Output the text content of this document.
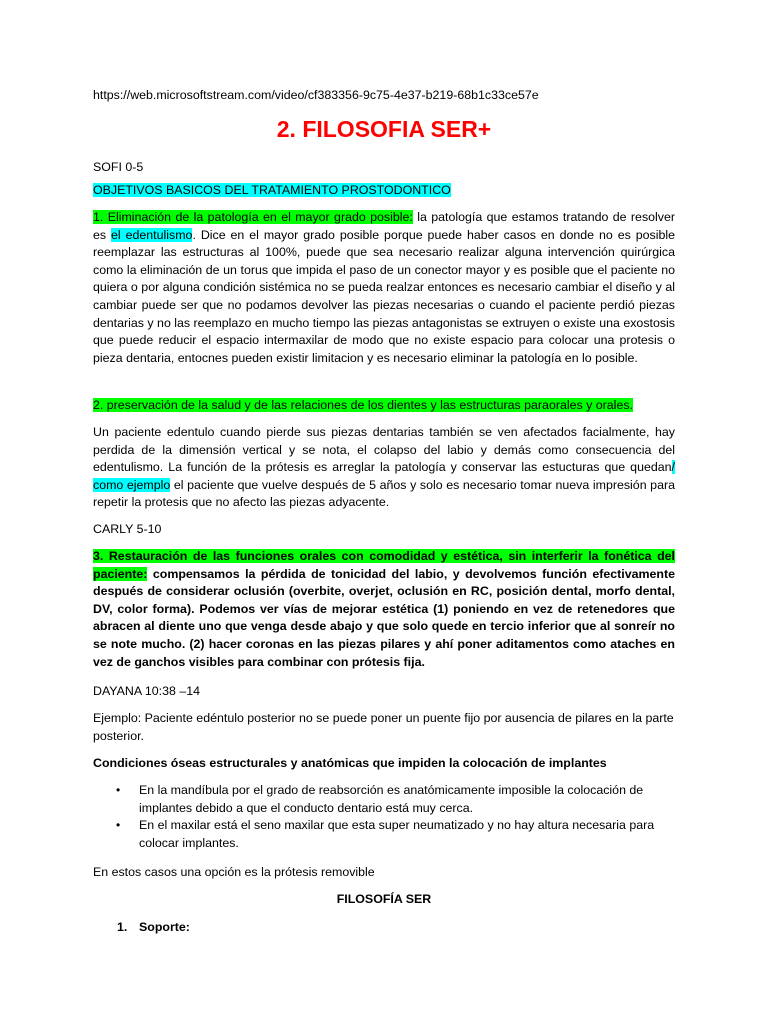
https://web.microsoftstream.com/video/cf383356-9c75-4e37-b219-68b1c33ce57e

2. FILOSOFIA SER+

SOFI 0-5

OBJETIVOS BASICOS DEL TRATAMIENTO PROSTODONTICO

1. Eliminación de la patología en el mayor grado posible: la patología que estamos tratando de resolver es el edentulismo. Dice en el mayor grado posible porque puede haber casos en donde no es posible reemplazar las estructuras al 100%, puede que sea necesario realizar alguna intervención quirúrgica como la eliminación de un torus que impida el paso de un conector mayor y es posible que el paciente no quiera o por alguna condición sistémica no se pueda realzar entonces es necesario cambiar el diseño y al cambiar puede ser que no podamos devolver las piezas necesarias o cuando el paciente perdió piezas dentarias y no las reemplazo en mucho tiempo las piezas antagonistas se extruyen o existe una exostosis que puede reducir el espacio intermaxilar de modo que no existe espacio para colocar una protesis o pieza dentaria, entocnes pueden existir limitacion y es necesario eliminar la patología en lo posible.

2. preservación de la salud y de las relaciones de los dientes y las estructuras paraorales y orales.

Un paciente edentulo cuando pierde sus piezas dentarias también se ven afectados facialmente, hay perdida de la dimensión vertical y se nota, el colapso del labio y demás como consecuencia del edentulismo. La función de la prótesis es arreglar la patología y conservar las estucturas que quedan/ como ejemplo el paciente que vuelve después de 5 años y solo es necesario tomar nueva impresión para repetir la protesis que no afecto las piezas adyacente.

CARLY 5-10

3. Restauración de las funciones orales con comodidad y estética, sin interferir la fonética del paciente: compensamos la pérdida de tonicidad del labio, y devolvemos función efectivamente después de considerar oclusión (overbite, overjet, oclusión en RC, posición dental, morfo dental, DV, color forma). Podemos ver vías de mejorar estética (1) poniendo en vez de retenedores que abracen al diente uno que venga desde abajo y que solo quede en tercio inferior que al sonreír no se note mucho. (2) hacer coronas en las piezas pilares y ahí poner aditamentos como ataches en vez de ganchos visibles para combinar con prótesis fija.

DAYANA 10:38 –14

Ejemplo: Paciente edéntulo posterior no se puede poner un puente fijo por ausencia de pilares en la parte posterior.

Condiciones óseas estructurales y anatómicas que impiden la colocación de implantes

• En la mandíbula por el grado de reabsorción es anatómicamente imposible la colocación de implantes debido a que el conducto dentario está muy cerca.
• En el maxilar está el seno maxilar que esta super neumatizado y no hay altura necesaria para colocar implantes.

En estos casos una opción es la prótesis removible

FILOSOFÍA SER

1. Soporte:
